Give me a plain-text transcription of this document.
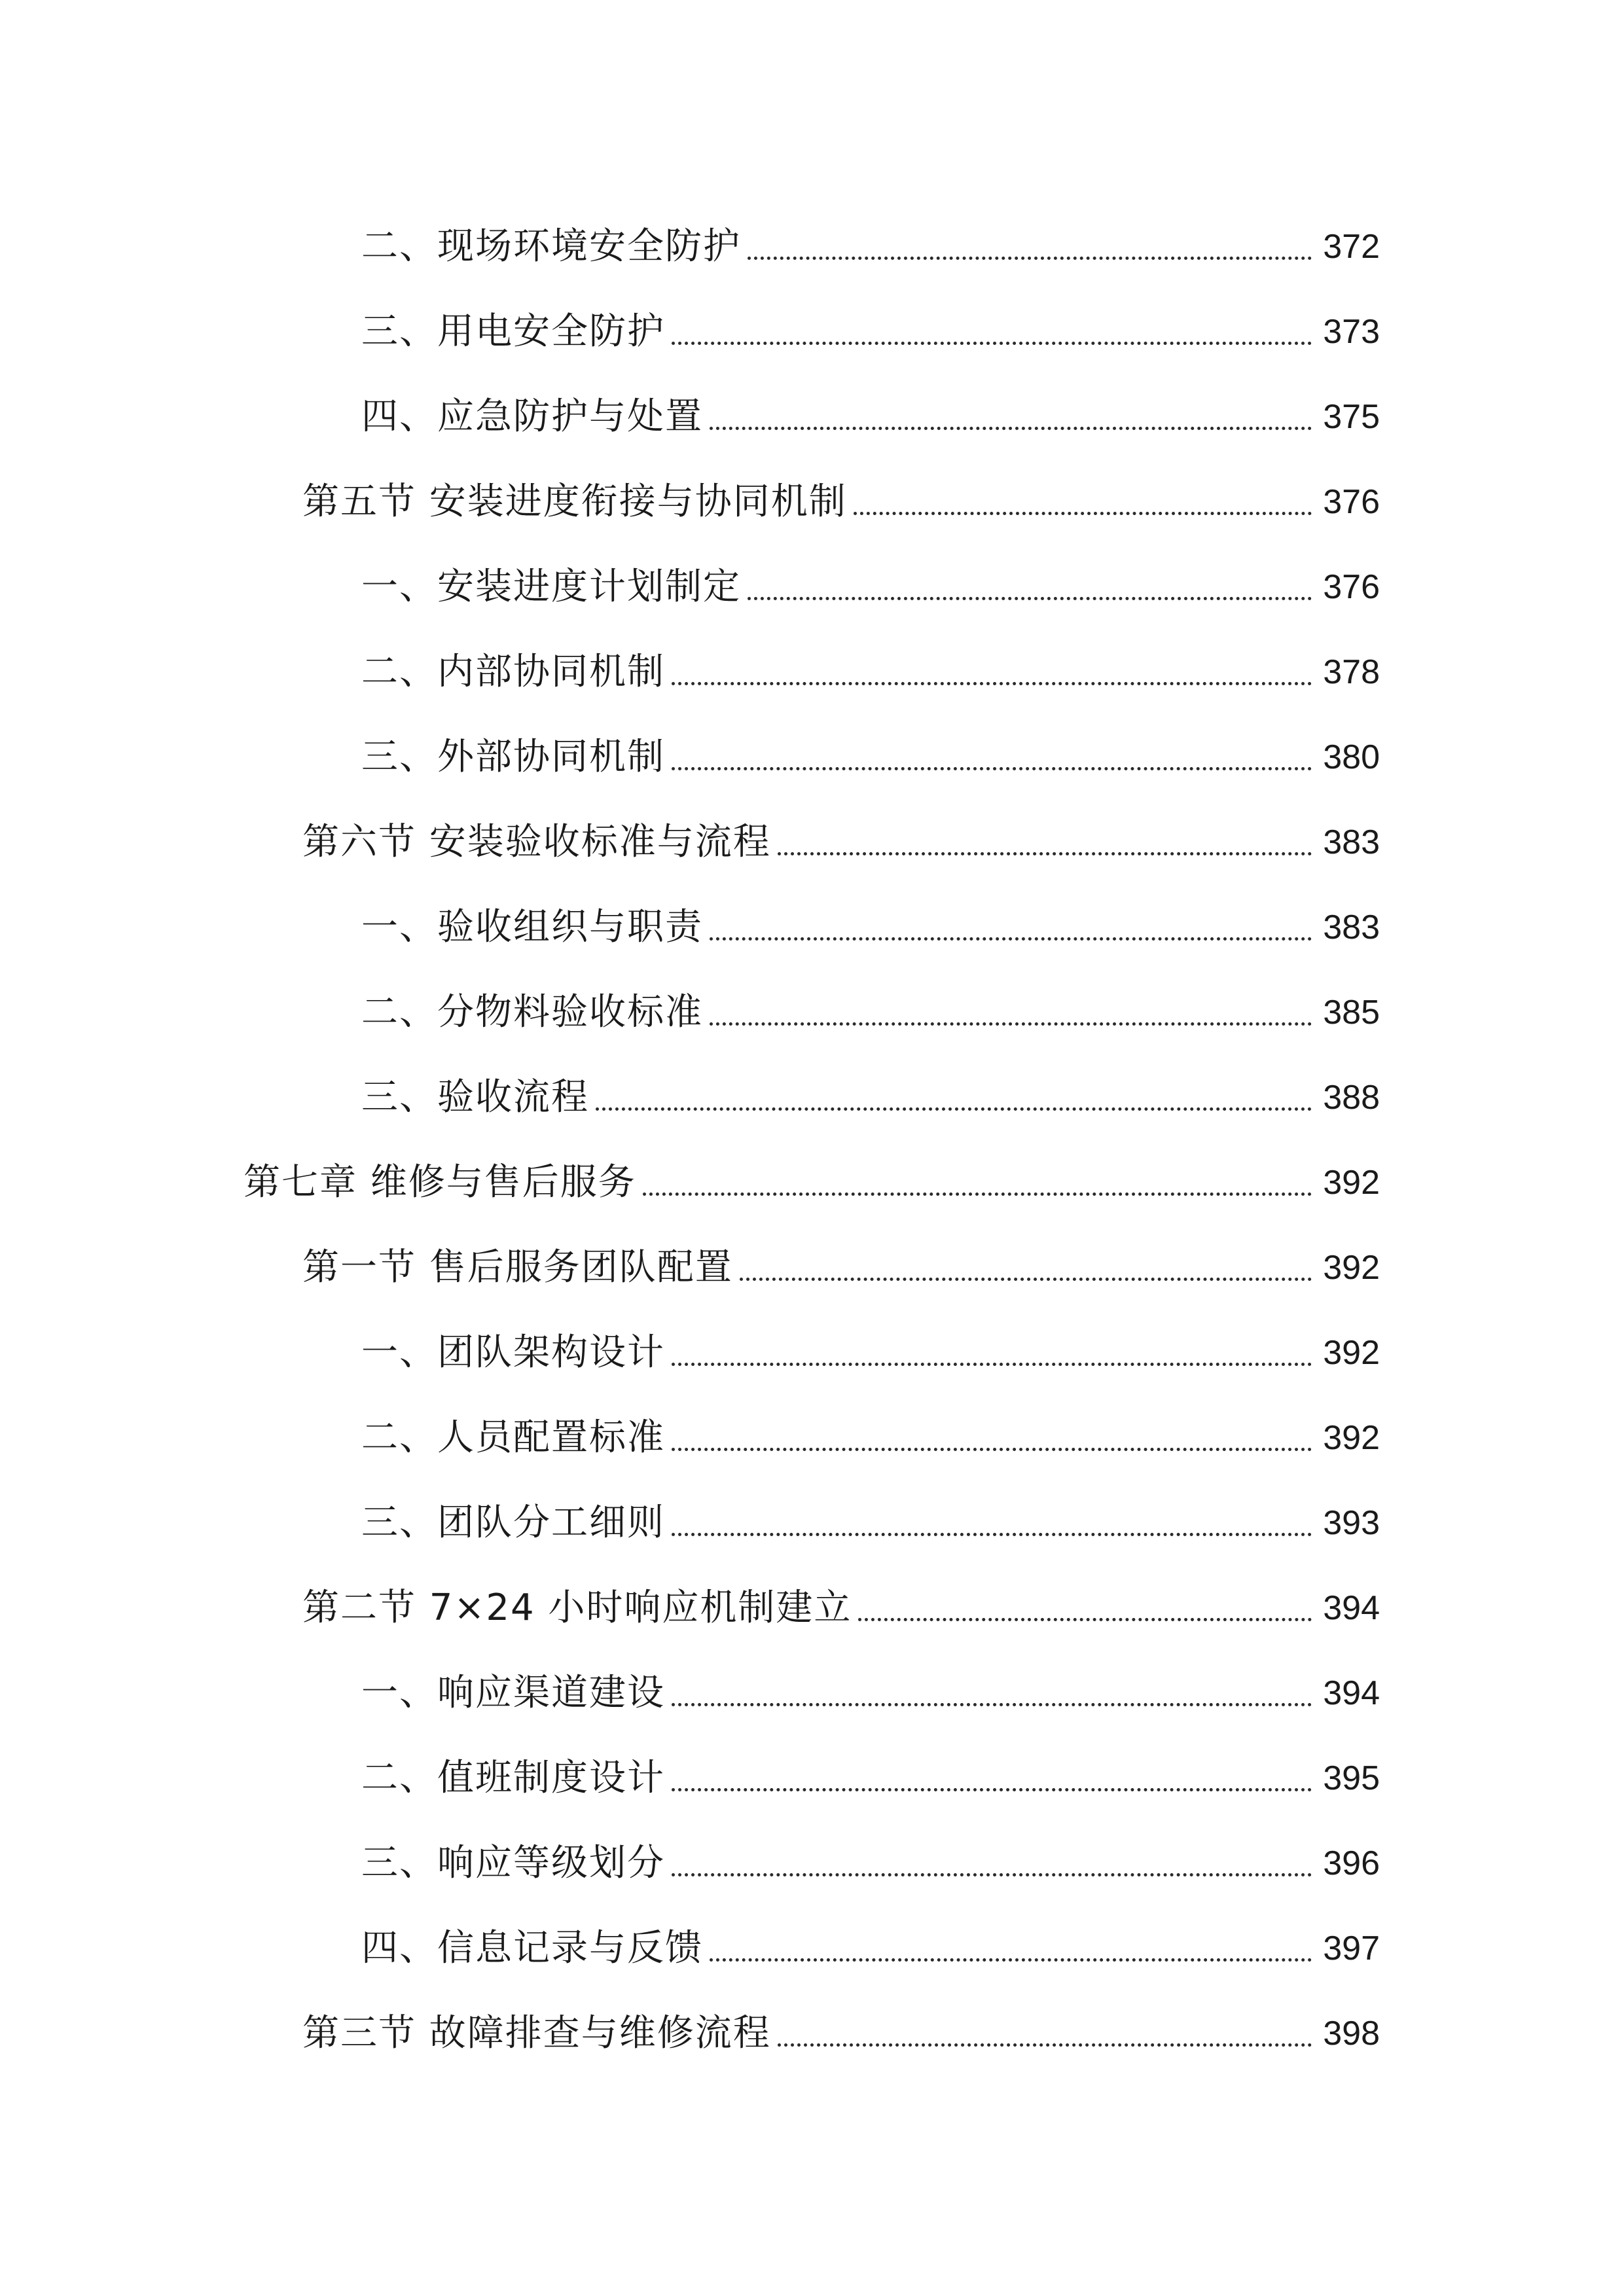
二、现场环境安全防护	372
三、用电安全防护	373
四、应急防护与处置	375
第五节 安装进度衔接与协同机制	376
一、安装进度计划制定	376
二、内部协同机制	378
三、外部协同机制	380
第六节 安装验收标准与流程	383
一、验收组织与职责	383
二、分物料验收标准	385
三、验收流程	388
第七章 维修与售后服务	392
第一节 售后服务团队配置	392
一、团队架构设计	392
二、人员配置标准	392
三、团队分工细则	393
第二节 7×24 小时响应机制建立	394
一、响应渠道建设	394
二、值班制度设计	395
三、响应等级划分	396
四、信息记录与反馈	397
第三节 故障排查与维修流程	398
